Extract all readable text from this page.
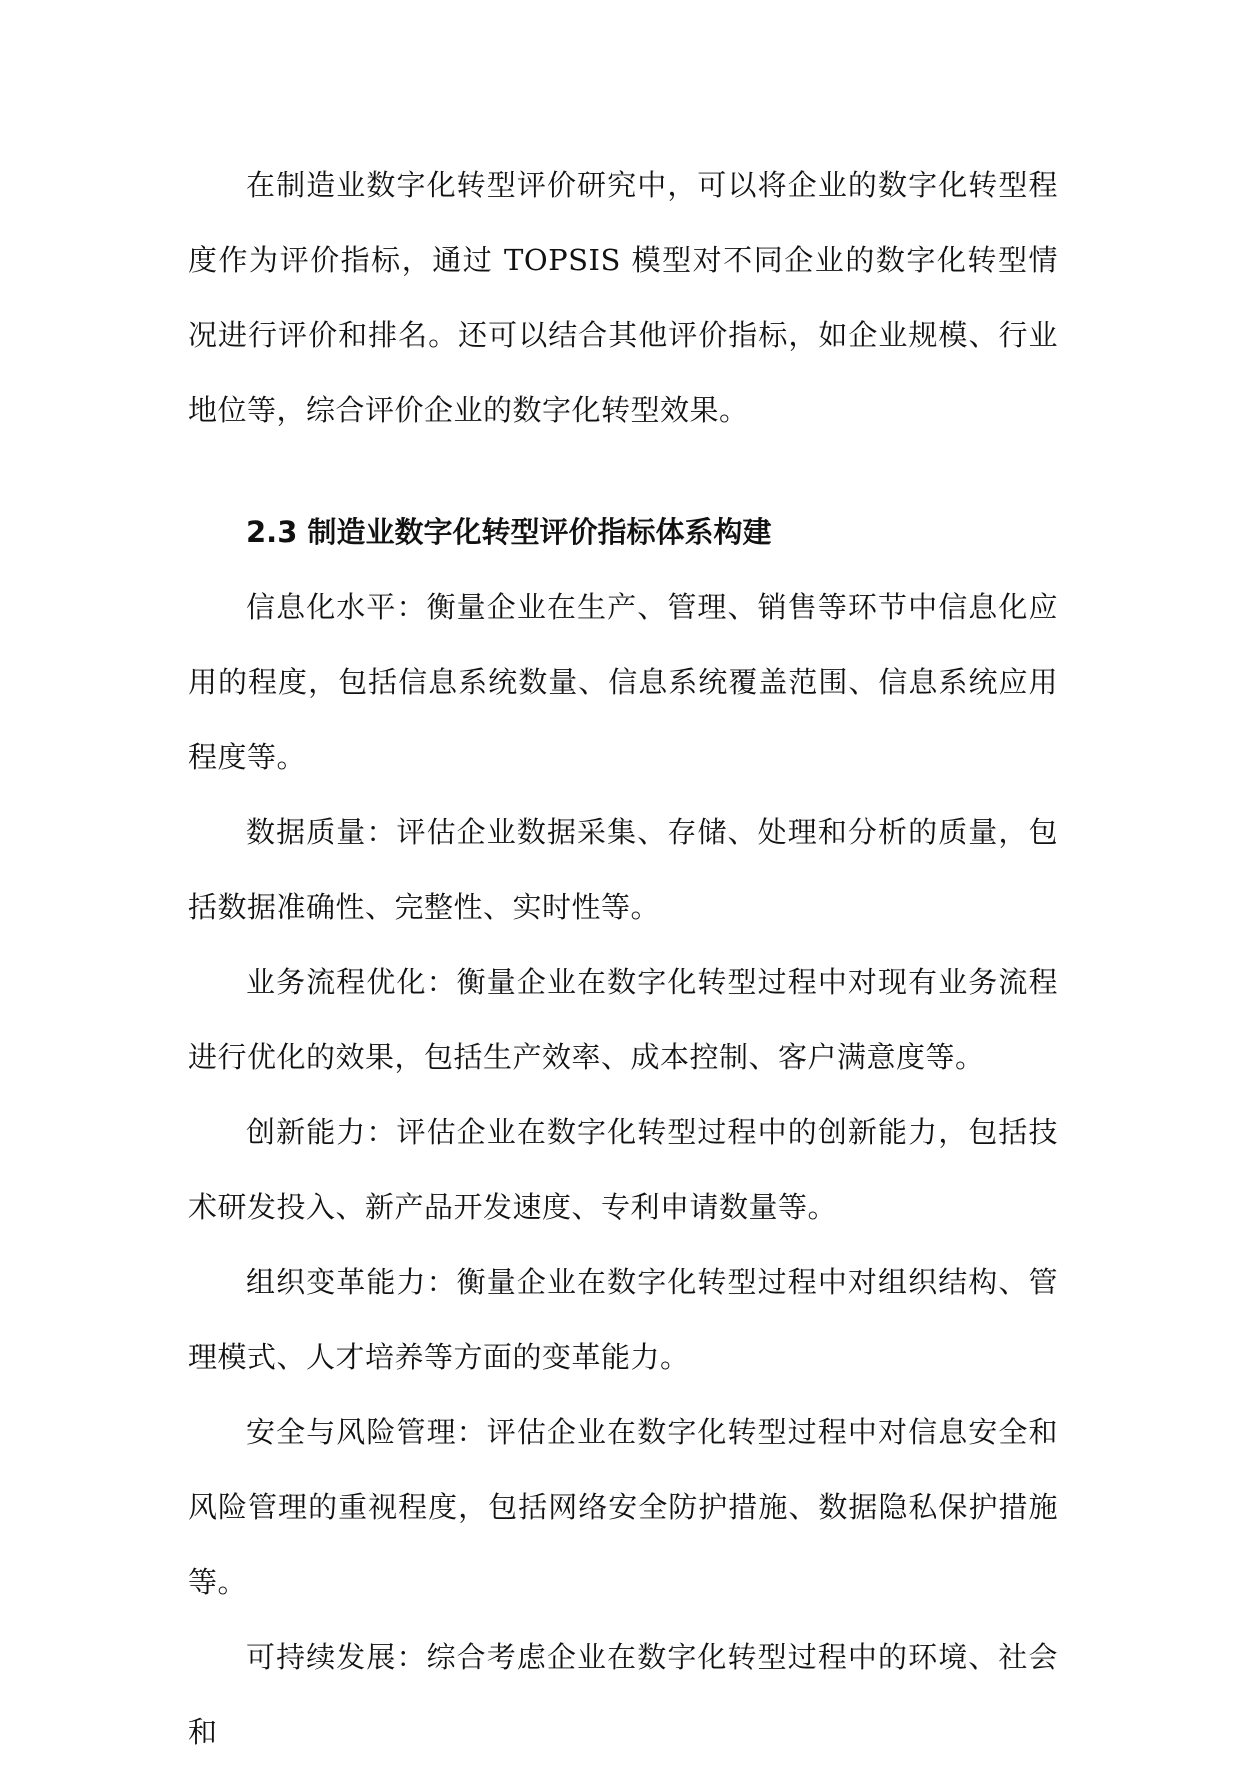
在制造业数字化转型评价研究中，可以将企业的数字化转型程度作为评价指标，通过 TOPSIS 模型对不同企业的数字化转型情况进行评价和排名。还可以结合其他评价指标，如企业规模、行业地位等，综合评价企业的数字化转型效果。

2.3 制造业数字化转型评价指标体系构建

信息化水平：衡量企业在生产、管理、销售等环节中信息化应用的程度，包括信息系统数量、信息系统覆盖范围、信息系统应用程度等。

数据质量：评估企业数据采集、存储、处理和分析的质量，包括数据准确性、完整性、实时性等。

业务流程优化：衡量企业在数字化转型过程中对现有业务流程进行优化的效果，包括生产效率、成本控制、客户满意度等。

创新能力：评估企业在数字化转型过程中的创新能力，包括技术研发投入、新产品开发速度、专利申请数量等。

组织变革能力：衡量企业在数字化转型过程中对组织结构、管理模式、人才培养等方面的变革能力。

安全与风险管理：评估企业在数字化转型过程中对信息安全和风险管理的重视程度，包括网络安全防护措施、数据隐私保护措施等。

可持续发展：综合考虑企业在数字化转型过程中的环境、社会和
